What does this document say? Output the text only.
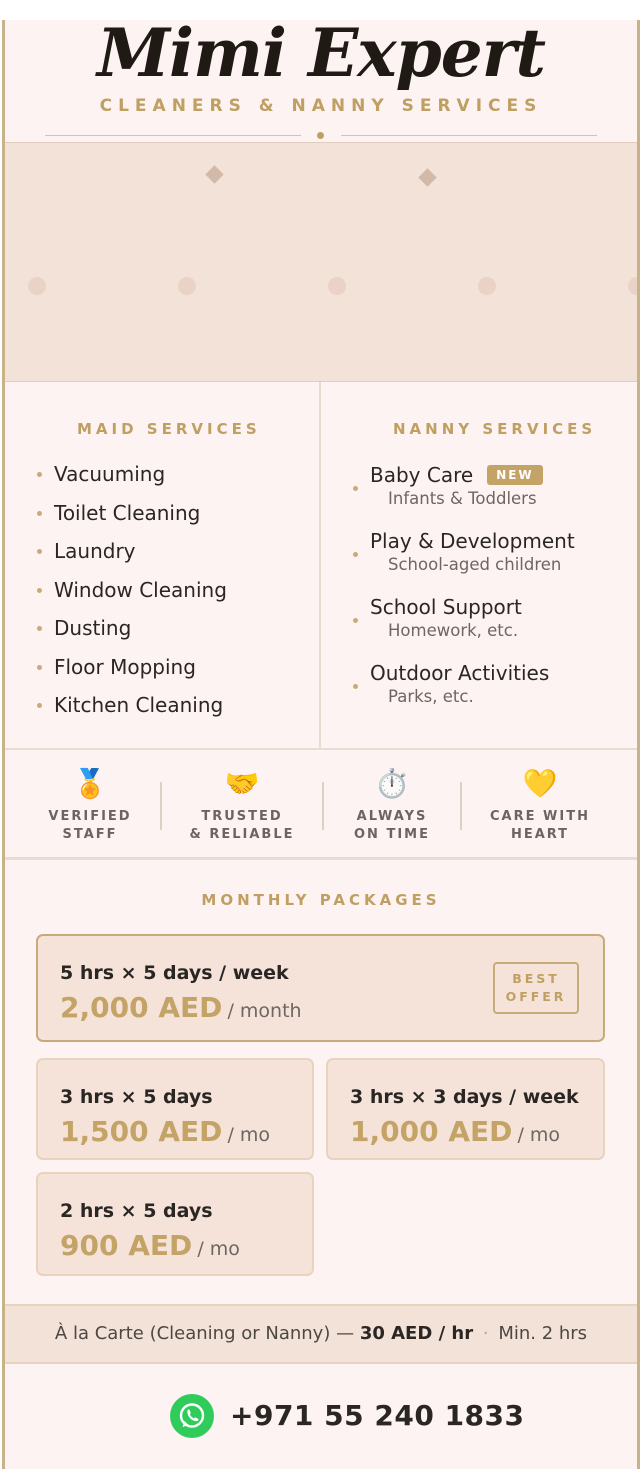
Mimi Expert
CLEANERS & NANNY SERVICES
MAID SERVICES
Vacuuming
Toilet Cleaning
Laundry
Window Cleaning
Dusting
Floor Mopping
Kitchen Cleaning
NANNY SERVICES
Baby Care	NEW
Infants & Toddlers
Play & Development
School-aged children
School Support
Homework, etc.
Outdoor Activities
Parks, etc.
🏅
VERIFIED
STAFF
🤝
TRUSTED
& RELIABLE
⏱️
ALWAYS
ON TIME
💛
CARE WITH
HEART
MONTHLY PACKAGES
5 hrs × 5 days / week
2,000 AED / month
BEST
OFFER
3 hrs × 5 days
1,500 AED / mo
3 hrs × 3 days / week
1,000 AED / mo
2 hrs × 5 days
900 AED / mo
À la Carte (Cleaning or Nanny) — 30 AED / hr · Min. 2 hrs
+971 55 240 1833
